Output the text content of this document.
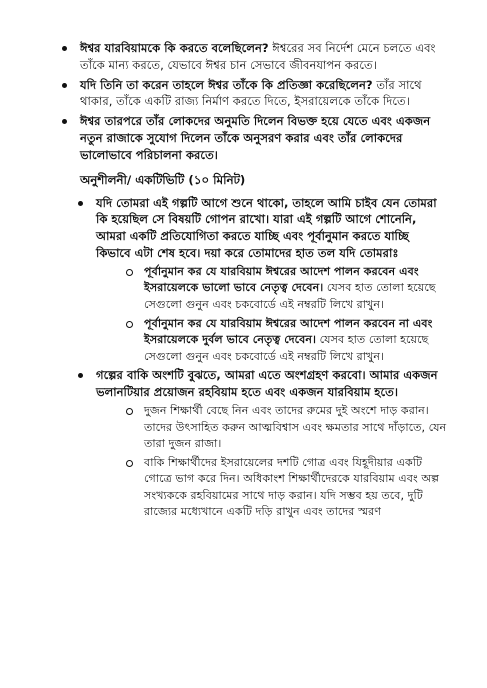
ঈশ্বর যারবিয়ামকে কি করতে বলেছিলেন? ঈশ্বরের সব নির্দেশ মেনে চলতে এবং তাঁকে মান্য করতে, যেভাবে ঈশ্বর চান সেভাবে জীবনযাপন করতে।
যদি তিনি তা করেন তাহলে ঈশ্বর তাঁকে কি প্রতিজ্ঞা করেছিলেন? তাঁর সাথে থাকার, তাঁকে একটি রাজ্য নির্মাণ করতে দিতে, ইসরায়েলকে তাঁকে দিতে।
ঈশ্বর তারপরে তাঁর লোকদের অনুমতি দিলেন বিভক্ত হয়ে যেতে এবং একজন নতুন রাজাকে সুযোগ দিলেন তাঁকে অনুসরণ করার এবং তাঁর লোকদের ভালোভাবে পরিচালনা করতে।
অনুশীলনী/ একটিভিটি (১০ মিনিট)
যদি তোমরা এই গল্পটি আগে শুনে থাকো, তাহলে আমি চাইব যেন তোমরা কি হয়েছিল সে বিষয়টি গোপন রাখো। যারা এই গল্পটি আগে শোনেনি, আমরা একটি প্রতিযোগিতা করতে যাচ্ছি এবং পূর্বানুমান করতে যাচ্ছি কিভাবে এটা শেষ হবে। দয়া করে তোমাদের হাত তল যদি তোমরাঃ
পূর্বানুমান কর যে যারবিয়াম ঈশ্বরের আদেশ পালন করবেন এবং ইসরায়েলকে ভালো ভাবে নেতৃত্ব দেবেন। যেসব হাত তোলা হয়েছে সেগুলো গুনুন এবং চকবোর্ডে এই নম্বরটি লিখে রাখুন।
পূর্বানুমান কর যে যারবিয়াম ঈশ্বরের আদেশ পালন করবেন না এবং ইসরায়েলকে দুর্বল ভাবে নেতৃত্ব দেবেন। যেসব হাত তোলা হয়েছে সেগুলো গুনুন এবং চকবোর্ডে এই নম্বরটি লিখে রাখুন।
গল্পের বাকি অংশটি বুঝতে, আমরা এতে অংশগ্রহণ করবো। আমার একজন ভলানটিয়ার প্রয়োজন রহবিয়াম হতে এবং একজন যারবিয়াম হতে।
দুজন শিক্ষার্থী বেছে নিন এবং তাদের রুমের দুই অংশে দাড় করান। তাদের উৎসাহিত করুন আত্মবিশ্বাস এবং ক্ষমতার সাথে দাঁড়াতে, যেন তারা দুজন রাজা।
বাকি শিক্ষার্থীদের ইসরায়েলের দশটি গোত্র এবং যিহূদীয়ার একটি গোত্রে ভাগ করে দিন। অধিকাংশ শিক্ষার্থীদেরকে যারবিয়াম এবং অল্প সংখ্যককে রহবিয়ামের সাথে দাড় করান। যদি সম্ভব হয় তবে, দুটি রাজ্যের মধ্যেখানে একটি দড়ি রাখুন এবং তাদের স্মরণ
